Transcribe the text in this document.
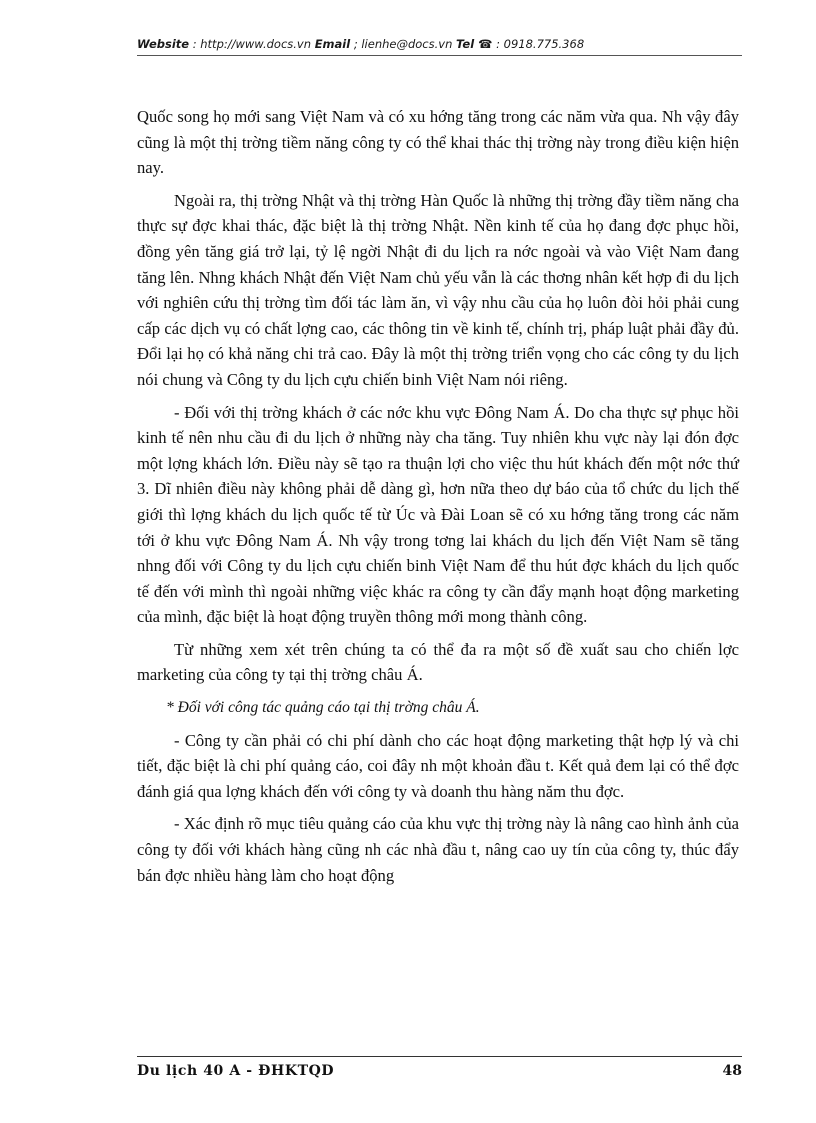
Website : http://www.docs.vn Email ; lienhe@docs.vn Tel ☎ : 0918.775.368

Quốc song họ mới sang Việt Nam và có xu hớng tăng trong các năm vừa qua. Nh vậy đây cũng là một thị trờng tiềm năng công ty có thể khai thác thị trờng này trong điều kiện hiện nay.

Ngoài ra, thị trờng Nhật và thị trờng Hàn Quốc là những thị trờng đầy tiềm năng cha thực sự đợc khai thác, đặc biệt là thị trờng Nhật. Nền kinh tế của họ đang đợc phục hồi, đồng yên tăng giá trở lại, tỷ lệ ngời Nhật đi du lịch ra nớc ngoài và vào Việt Nam đang tăng lên. Nhng khách Nhật đến Việt Nam chủ yếu vẫn là các thơng nhân kết hợp đi du lịch với nghiên cứu thị trờng tìm đối tác làm ăn, vì vậy nhu cầu của họ luôn đòi hỏi phải cung cấp các dịch vụ có chất lợng cao, các thông tin về kinh tế, chính trị, pháp luật phải đầy đủ. Đổi lại họ có khả năng chi trả cao. Đây là một thị trờng triển vọng cho các công ty du lịch nói chung và Công ty du lịch cựu chiến binh Việt Nam nói riêng.

- Đối với thị trờng khách ở các nớc khu vực Đông Nam Á. Do cha thực sự phục hồi kinh tế nên nhu cầu đi du lịch ở những này cha tăng. Tuy nhiên khu vực này lại đón đợc một lợng khách lớn. Điều này sẽ tạo ra thuận lợi cho việc thu hút khách đến một nớc thứ 3. Dĩ nhiên điều này không phải dễ dàng gì, hơn nữa theo dự báo của tổ chức du lịch thế giới thì lợng khách du lịch quốc tế từ Úc và Đài Loan sẽ có xu hớng tăng trong các năm tới ở khu vực Đông Nam Á. Nh vậy trong tơng lai khách du lịch đến Việt Nam sẽ tăng nhng đối với Công ty du lịch cựu chiến binh Việt Nam để thu hút đợc khách du lịch quốc tế đến với mình thì ngoài những việc khác ra công ty cần đẩy mạnh hoạt động marketing của mình, đặc biệt là hoạt động truyền thông mới mong thành công.

Từ những xem xét trên chúng ta có thể đa ra một số đề xuất sau cho chiến lợc marketing của công ty tại thị trờng châu Á.

* Đối với công tác quảng cáo tại thị trờng châu Á.

- Công ty cần phải có chi phí dành cho các hoạt động marketing thật hợp lý và chi tiết, đặc biệt là chi phí quảng cáo, coi đây nh một khoản đầu t. Kết quả đem lại có thể đợc đánh giá qua lợng khách đến với công ty và doanh thu hàng năm thu đợc.

- Xác định rõ mục tiêu quảng cáo của khu vực thị trờng này là nâng cao hình ảnh của công ty đối với khách hàng cũng nh các nhà đầu t, nâng cao uy tín của công ty, thúc đẩy bán đợc nhiều hàng làm cho hoạt động

Du lịch 40 A - ĐHKTQD	48
